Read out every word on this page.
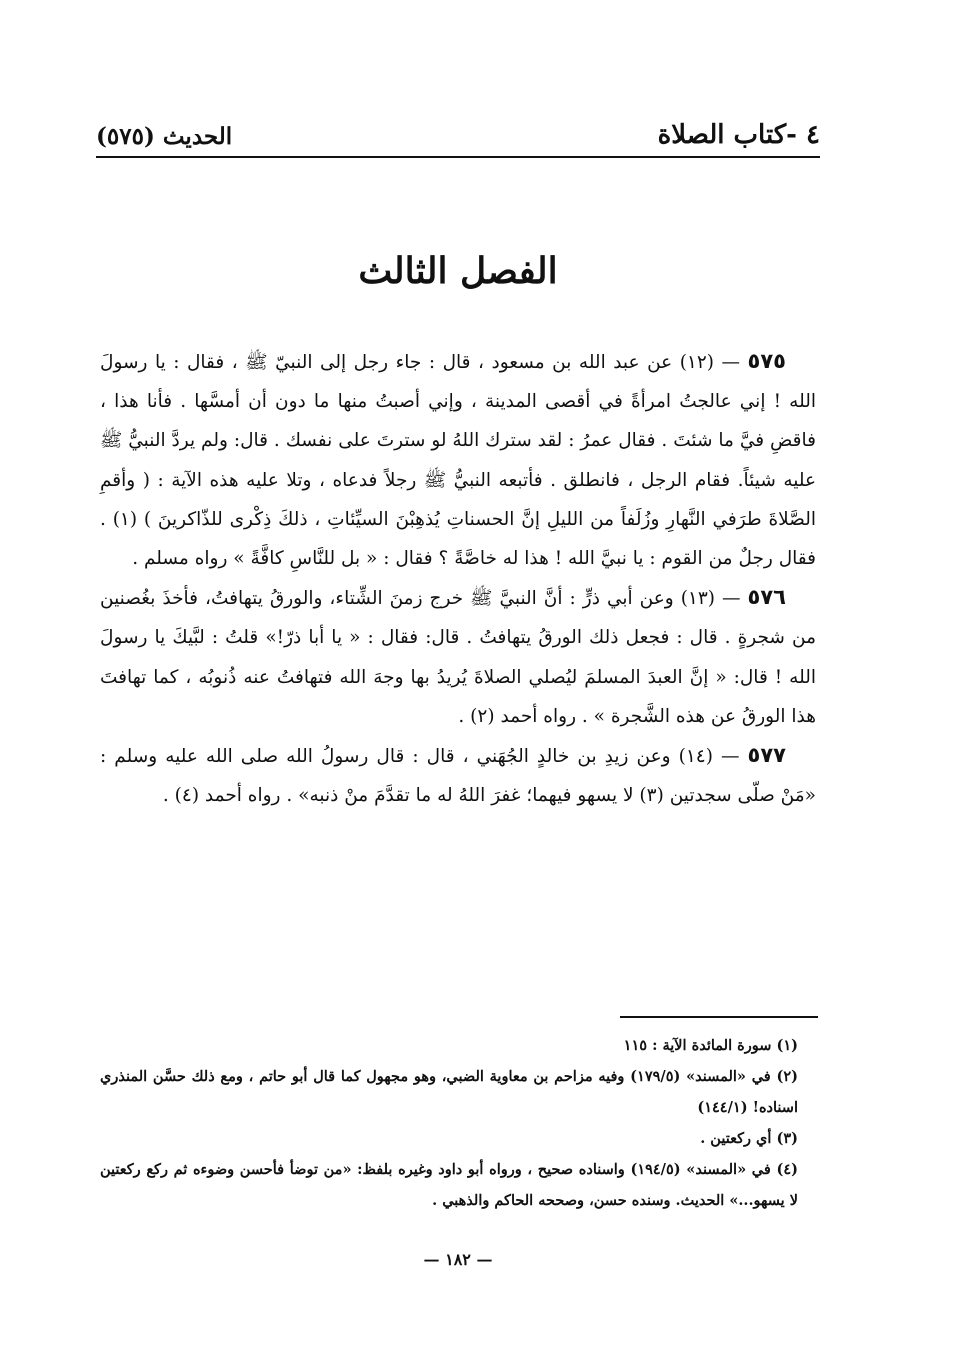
٤ -كتاب الصلاة
الحديث (٥٧٥)
الفصل الثالث

٥٧٥ — (١٢) عن عبد الله بن مسعود ، قال : جاء رجل إلى النبيّ ﷺ ، فقال : يا رسولَ الله ! إني عالجتُ امرأةً في أقصى المدينة ، وإني أصبتُ منها ما دون أن أمسَّها . فأنا هذا ، فاقضِ فيَّ ما شئتَ . فقال عمرُ : لقد سترك اللهُ لو سترتَ على نفسك . قال: ولم يردَّ النبيُّ ﷺ عليه شيئاً. فقام الرجل ، فانطلق . فأتبعه النبيُّ ﷺ رجلاً فدعاه ، وتلا عليه هذه الآية : ( وأقمِ الصَّلاةَ طرَفي النَّهارِ وزُلَفاً من الليلِ إنَّ الحسناتِ يُذهِبْنَ السيِّئاتِ ، ذلكَ ذِكْرى للذّاكرينَ ) (١) . فقال رجلٌ من القوم : يا نبيَّ الله ! هذا له خاصَّةً ؟ فقال : « بل للنَّاسِ كافَّةً » رواه مسلم .

٥٧٦ — (١٣) وعن أبي ذرٍّ : أنَّ النبيَّ ﷺ خرج زمنَ الشِّتاء، والورقُ يتهافتُ، فأخذَ بغُصنين من شجرةٍ . قال : فجعل ذلك الورقُ يتهافتُ . قال: فقال : « يا أبا ذرّ!» قلتُ : لبَّيكَ يا رسولَ الله ! قال: « إنَّ العبدَ المسلمَ ليُصلي الصلاةَ يُريدُ بها وجهَ الله فتهافتُ عنه ذُنوبُه ، كما تهافتَ هذا الورقُ عن هذه الشَّجرة » . رواه أحمد (٢) .

٥٧٧ — (١٤) وعن زيدِ بن خالدٍ الجُهَني ، قال : قال رسولُ الله صلى الله عليه وسلم : «مَنْ صلّى سجدتين (٣) لا يسهو فيهما؛ غفرَ اللهُ له ما تقدَّمَ منْ ذنبه» . رواه أحمد (٤) .

(١) سورة المائدة الآية : ١١٥

(٢) في «المسند» (١٧٩/٥) وفيه مزاحم بن معاوية الضبي، وهو مجهول كما قال أبو حاتم ، ومع ذلك حسَّن المنذري اسناده! (١٤٤/١)

(٣) أي ركعتين .

(٤) في «المسند» (١٩٤/٥) واسناده صحيح ، ورواه أبو داود وغيره بلفظ: «من توضأ فأحسن وضوءه ثم ركع ركعتين لا يسهو...» الحديث. وسنده حسن، وصححه الحاكم والذهبي .

— ١٨٢ —
